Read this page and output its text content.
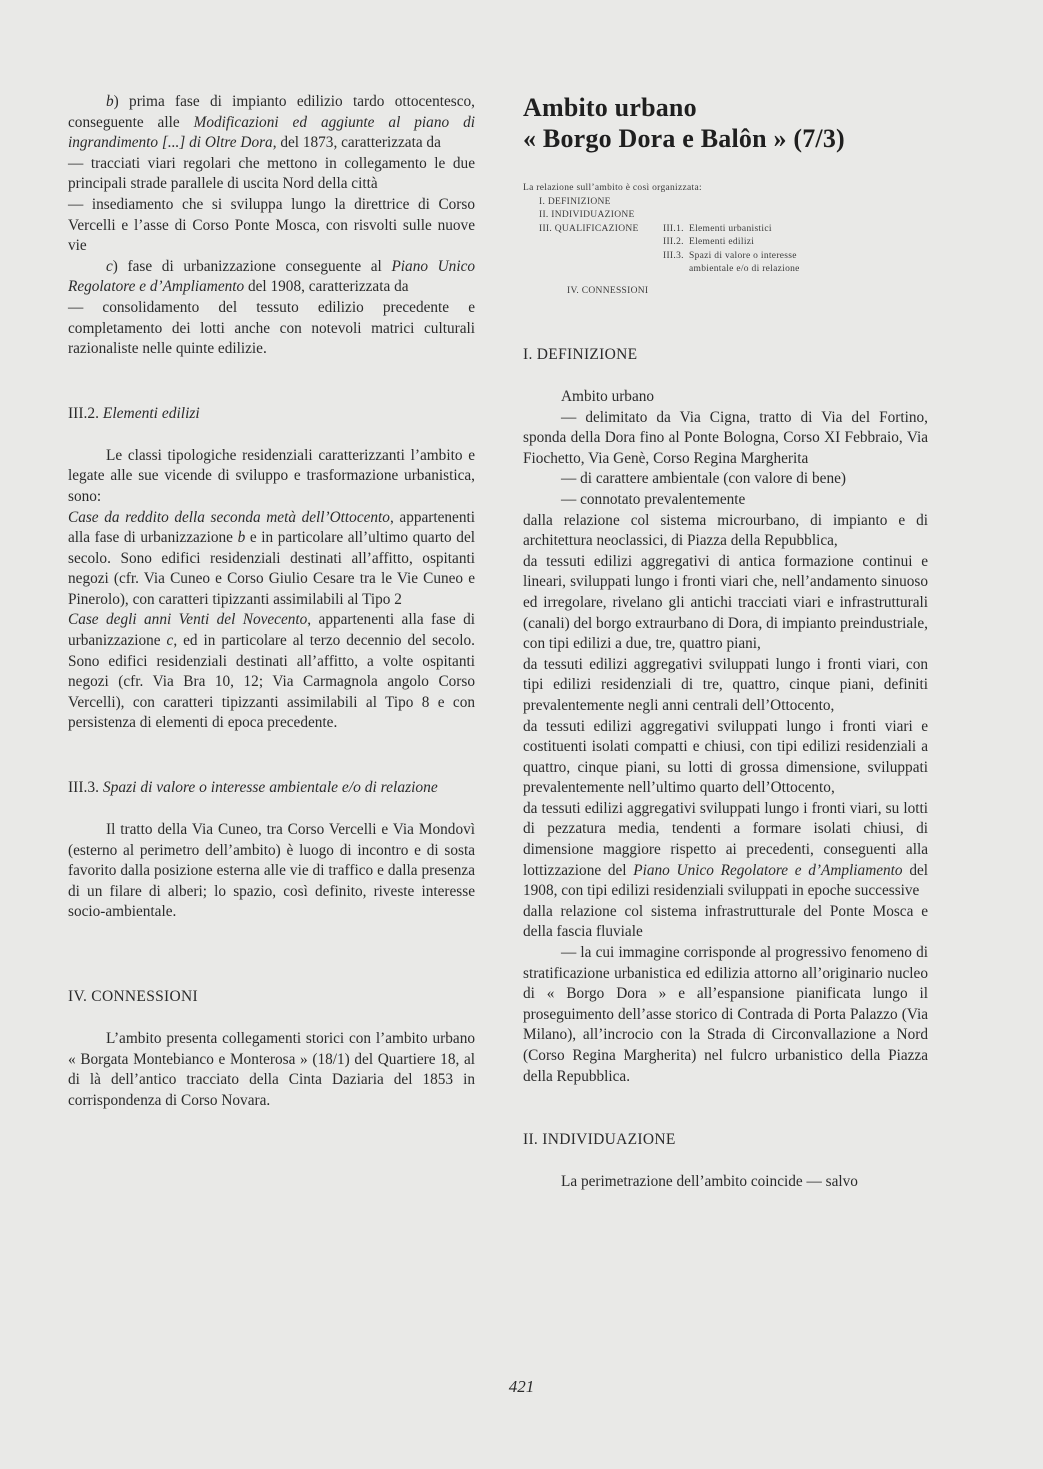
b) prima fase di impianto edilizio tardo ottocentesco, conseguente alle Modificazioni ed aggiunte al piano di ingrandimento [...] di Oltre Dora, del 1873, caratterizzata da

— tracciati viari regolari che mettono in collegamento le due principali strade parallele di uscita Nord della città

— insediamento che si sviluppa lungo la direttrice di Corso Vercelli e l’asse di Corso Ponte Mosca, con risvolti sulle nuove vie

c) fase di urbanizzazione conseguente al Piano Unico Regolatore e d’Ampliamento del 1908, caratterizzata da

— consolidamento del tessuto edilizio precedente e completamento dei lotti anche con notevoli matrici culturali razionaliste nelle quinte edilizie.

III.2. Elementi edilizi

Le classi tipologiche residenziali caratterizzanti l’ambito e legate alle sue vicende di sviluppo e trasformazione urbanistica, sono:

Case da reddito della seconda metà dell’Ottocento, appartenenti alla fase di urbanizzazione b e in particolare all’ultimo quarto del secolo. Sono edifici residenziali destinati all’affitto, ospitanti negozi (cfr. Via Cuneo e Corso Giulio Cesare tra le Vie Cuneo e Pinerolo), con caratteri tipizzanti assimilabili al Tipo 2

Case degli anni Venti del Novecento, appartenenti alla fase di urbanizzazione c, ed in particolare al terzo decennio del secolo. Sono edifici residenziali destinati all’affitto, a volte ospitanti negozi (cfr. Via Bra 10, 12; Via Carmagnola angolo Corso Vercelli), con caratteri tipizzanti assimilabili al Tipo 8 e con persistenza di elementi di epoca precedente.

III.3. Spazi di valore o interesse ambientale e/o di relazione

Il tratto della Via Cuneo, tra Corso Vercelli e Via Mondovì (esterno al perimetro dell’ambito) è luogo di incontro e di sosta favorito dalla posizione esterna alle vie di traffico e dalla presenza di un filare di alberi; lo spazio, così definito, riveste interesse socio-ambientale.

IV. CONNESSIONI

L’ambito presenta collegamenti storici con l’ambito urbano « Borgata Montebianco e Monterosa » (18/1) del Quartiere 18, al di là dell’antico tracciato della Cinta Daziaria del 1853 in corrispondenza di Corso Novara.

Ambito urbano
« Borgo Dora e Balôn » (7/3)
La relazione sull’ambito è così organizzata:
I. DEFINIZIONE
II. INDIVIDUAZIONE
III. QUALIFICAZIONE	III.1. Elementi urbanistici
III.2. Elementi edilizi
III.3. Spazi di valore o interesse ambientale e/o di relazione
IV. CONNESSIONI

I. DEFINIZIONE

Ambito urbano

— delimitato da Via Cigna, tratto di Via del Fortino, sponda della Dora fino al Ponte Bologna, Corso XI Febbraio, Via Fiochetto, Via Genè, Corso Regina Margherita

— di carattere ambientale (con valore di bene)

— connotato prevalentemente

dalla relazione col sistema microurbano, di impianto e di architettura neoclassici, di Piazza della Repubblica,

da tessuti edilizi aggregativi di antica formazione continui e lineari, sviluppati lungo i fronti viari che, nell’andamento sinuoso ed irregolare, rivelano gli antichi tracciati viari e infrastrutturali (canali) del borgo extraurbano di Dora, di impianto preindustriale, con tipi edilizi a due, tre, quattro piani,

da tessuti edilizi aggregativi sviluppati lungo i fronti viari, con tipi edilizi residenziali di tre, quattro, cinque piani, definiti prevalentemente negli anni centrali dell’Ottocento,

da tessuti edilizi aggregativi sviluppati lungo i fronti viari e costituenti isolati compatti e chiusi, con tipi edilizi residenziali a quattro, cinque piani, su lotti di grossa dimensione, sviluppati prevalentemente nell’ultimo quarto dell’Ottocento,

da tessuti edilizi aggregativi sviluppati lungo i fronti viari, su lotti di pezzatura media, tendenti a formare isolati chiusi, di dimensione maggiore rispetto ai precedenti, conseguenti alla lottizzazione del Piano Unico Regolatore e d’Ampliamento del 1908, con tipi edilizi residenziali sviluppati in epoche successive

dalla relazione col sistema infrastrutturale del Ponte Mosca e della fascia fluviale

— la cui immagine corrisponde al progressivo fenomeno di stratificazione urbanistica ed edilizia attorno all’originario nucleo di « Borgo Dora » e all’espansione pianificata lungo il proseguimento dell’asse storico di Contrada di Porta Palazzo (Via Milano), all’incrocio con la Strada di Circonvallazione a Nord (Corso Regina Margherita) nel fulcro urbanistico della Piazza della Repubblica.

II. INDIVIDUAZIONE

La perimetrazione dell’ambito coincide — salvo

421
